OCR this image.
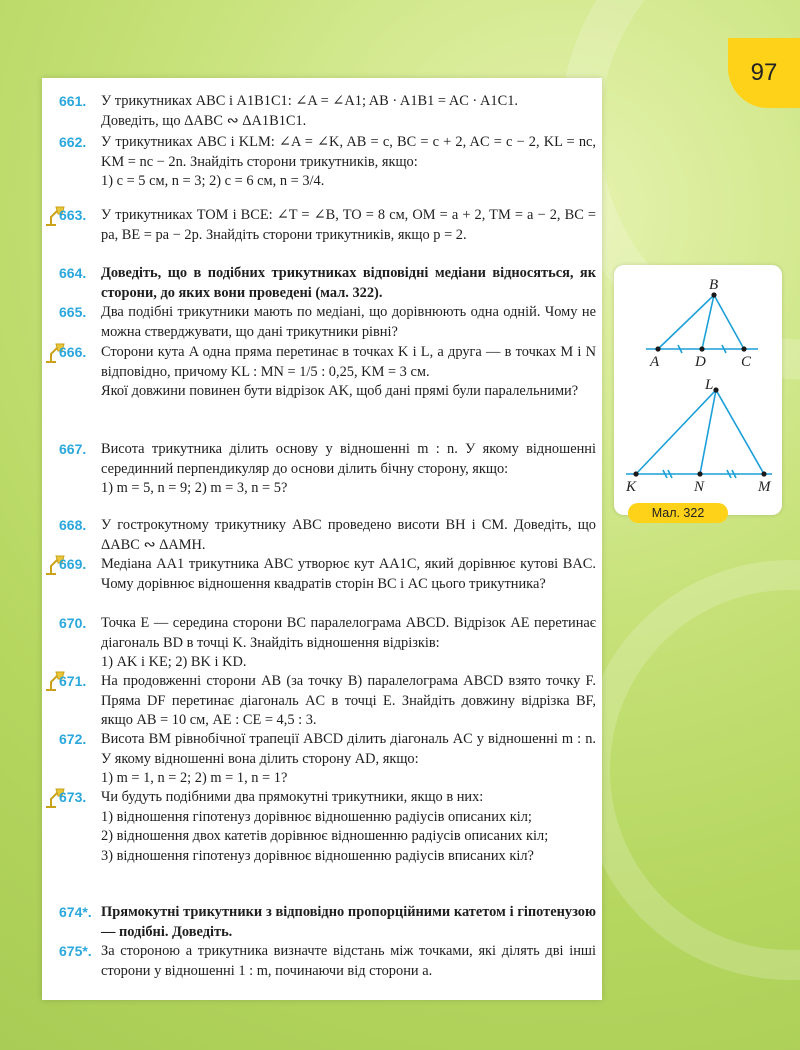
97
661. У трикутниках ABC і A1B1C1: ∠A = ∠A1; AB · A1B1 = AC · A1C1.
Доведіть, що ΔABC ∾ ΔA1B1C1.
662. У трикутниках ABC і KLM: ∠A = ∠K, AB = c, BC = c + 2, AC = c − 2, KL = nc, KM = nc − 2n. Знайдіть сторони трикутників, якщо:
1) c = 5 см, n = 3; 2) c = 6 см, n = 3/4.
663. У трикутниках TOM і BCE: ∠T = ∠B, TO = 8 см, OM = a + 2, TM = a − 2, BC = pa, BE = pa − 2p. Знайдіть сторони трикутників, якщо p = 2.
664. Доведіть, що в подібних трикутниках відповідні медіани відносяться, як сторони, до яких вони проведені (мал. 322).
665. Два подібні трикутники мають по медіані, що дорівнюють одна одній. Чому не можна стверджувати, що дані трикутники рівні?
666. Сторони кута A одна пряма перетинає в точках K і L, а друга — в точках M і N відповідно, причому KL : MN = 1/5 : 0,25, KM = 3 см.
Якої довжини повинен бути відрізок AK, щоб дані прямі були паралельними?
667. Висота трикутника ділить основу у відношенні m : n. У якому відношенні серединний перпендикуляр до основи ділить бічну сторону, якщо:
1) m = 5, n = 9; 2) m = 3, n = 5?
668. У гострокутному трикутнику ABC проведено висоти BH і CM. Доведіть, що ΔABC ∾ ΔAMH.
669. Медіана AA1 трикутника ABC утворює кут AA1C, який дорівнює кутові BAC. Чому дорівнює відношення квадратів сторін BC і AC цього трикутника?
670. Точка E — середина сторони BC паралелограма ABCD. Відрізок AE перетинає діагональ BD в точці K. Знайдіть відношення відрізків:
1) AK і KE; 2) BK і KD.
671. На продовженні сторони AB (за точку B) паралелограма ABCD взято точку F. Пряма DF перетинає діагональ AC в точці E. Знайдіть довжину відрізка BF, якщо AB = 10 см, AE : CE = 4,5 : 3.
672. Висота BM рівнобічної трапеції ABCD ділить діагональ AC у відношенні m : n. У якому відношенні вона ділить сторону AD, якщо:
1) m = 1, n = 2; 2) m = 1, n = 1?
673. Чи будуть подібними два прямокутні трикутники, якщо в них:
1) відношення гіпотенуз дорівнює відношенню радіусів описаних кіл;
2) відношення двох катетів дорівнює відношенню радіусів описаних кіл;
3) відношення гіпотенуз дорівнює відношенню радіусів вписаних кіл?
674*. Прямокутні трикутники з відповідно пропорційними катетом і гіпотенузою — подібні. Доведіть.
675*. За стороною a трикутника визначте відстань між точками, які ділять дві інші сторони у відношенні 1 : m, починаючи від сторони a.
B
A D C
L
K	N	M
Мал. 322
